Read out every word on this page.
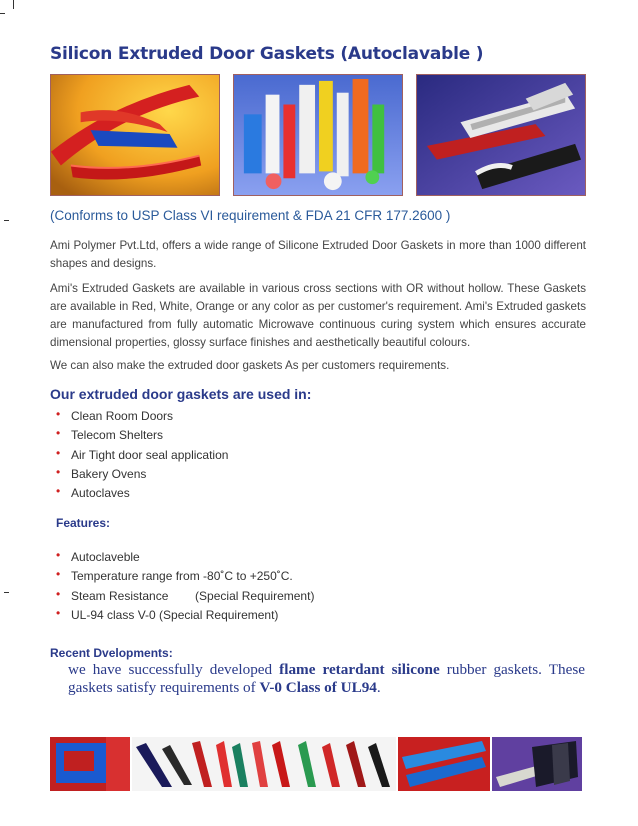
Silicon Extruded Door Gaskets (Autoclavable )

(Conforms to USP Class VI requirement & FDA 21 CFR 177.2600 )

Ami Polymer Pvt.Ltd, offers a wide range of Silicone Extruded Door Gaskets in more than 1000 different shapes and designs.

Ami's Extruded Gaskets are available in various cross sections with OR without hollow. These Gaskets are available in Red, White, Orange or any color as per customer's requirement. Ami's Extruded gaskets are manufactured from fully automatic Microwave continuous curing system which ensures accurate dimensional properties, glossy surface finishes and aesthetically beautiful colours.

We can also make the extruded door gaskets As per customers requirements.

Our extruded door gaskets are used in:
• Clean Room Doors
• Telecom Shelters
• Air Tight door seal application
• Bakery Ovens
• Autoclaves
Features:
• Autoclaveble
• Temperature range from -80˚C to +250˚C.
• Steam Resistance        (Special Requirement)
• UL-94 class V-0 (Special Requirement)
Recent Dvelopments:

we have successfully developed flame retardant silicone rubber gaskets. These gaskets satisfy requirements of V-0 Class of UL94.
